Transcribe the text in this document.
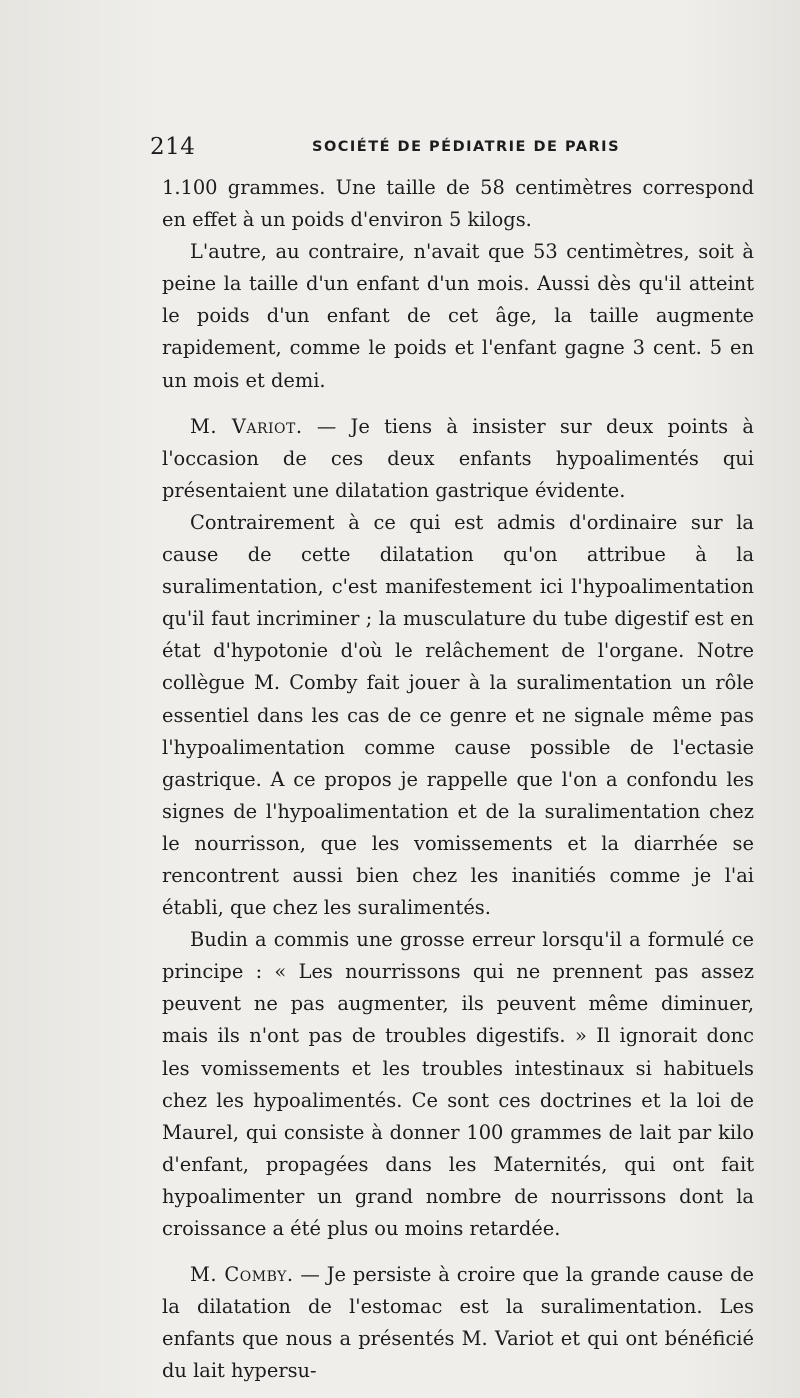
214	SOCIÉTÉ DE PÉDIATRIE DE PARIS

1.100 grammes. Une taille de 58 centimètres correspond en effet à un poids d'environ 5 kilogs.

L'autre, au contraire, n'avait que 53 centimètres, soit à peine la taille d'un enfant d'un mois. Aussi dès qu'il atteint le poids d'un enfant de cet âge, la taille augmente rapidement, comme le poids et l'enfant gagne 3 cent. 5 en un mois et demi.

M. Variot. — Je tiens à insister sur deux points à l'occasion de ces deux enfants hypoalimentés qui présentaient une dilatation gastrique évidente.

Contrairement à ce qui est admis d'ordinaire sur la cause de cette dilatation qu'on attribue à la suralimentation, c'est manifestement ici l'hypoalimentation qu'il faut incriminer ; la musculature du tube digestif est en état d'hypotonie d'où le relâchement de l'organe. Notre collègue M. Comby fait jouer à la suralimentation un rôle essentiel dans les cas de ce genre et ne signale même pas l'hypoalimentation comme cause possible de l'ectasie gastrique. A ce propos je rappelle que l'on a confondu les signes de l'hypoalimentation et de la suralimentation chez le nourrisson, que les vomissements et la diarrhée se rencontrent aussi bien chez les inanitiés comme je l'ai établi, que chez les suralimentés.

Budin a commis une grosse erreur lorsqu'il a formulé ce principe : « Les nourrissons qui ne prennent pas assez peuvent ne pas augmenter, ils peuvent même diminuer, mais ils n'ont pas de troubles digestifs. » Il ignorait donc les vomissements et les troubles intestinaux si habituels chez les hypoalimentés. Ce sont ces doctrines et la loi de Maurel, qui consiste à donner 100 grammes de lait par kilo d'enfant, propagées dans les Maternités, qui ont fait hypoalimenter un grand nombre de nourrissons dont la croissance a été plus ou moins retardée.

M. Comby. — Je persiste à croire que la grande cause de la dilatation de l'estomac est la suralimentation. Les enfants que nous a présentés M. Variot et qui ont bénéficié du lait hypersu-
